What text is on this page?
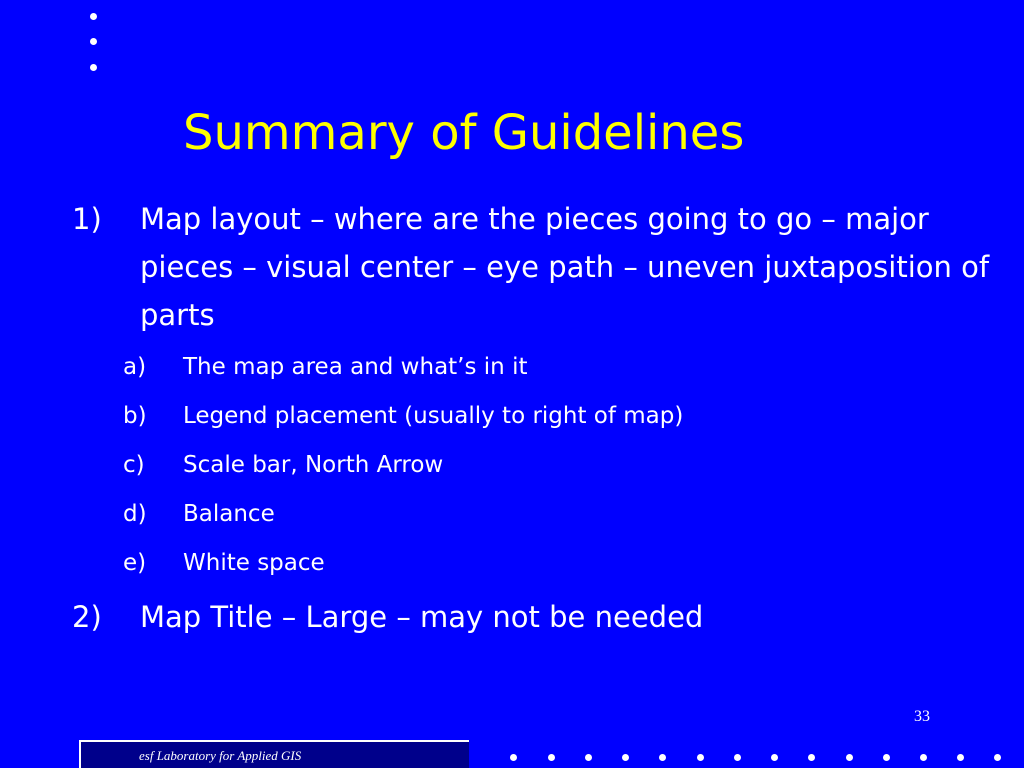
Summary of Guidelines
1) Map layout – where are the pieces going to go – major pieces – visual center – eye path – uneven juxtaposition of parts
a) The map area and what’s in it
b) Legend placement (usually to right of map)
c) Scale bar, North Arrow
d) Balance
e) White space
2) Map Title – Large – may not be needed
33
esf Laboratory for Applied GIS
